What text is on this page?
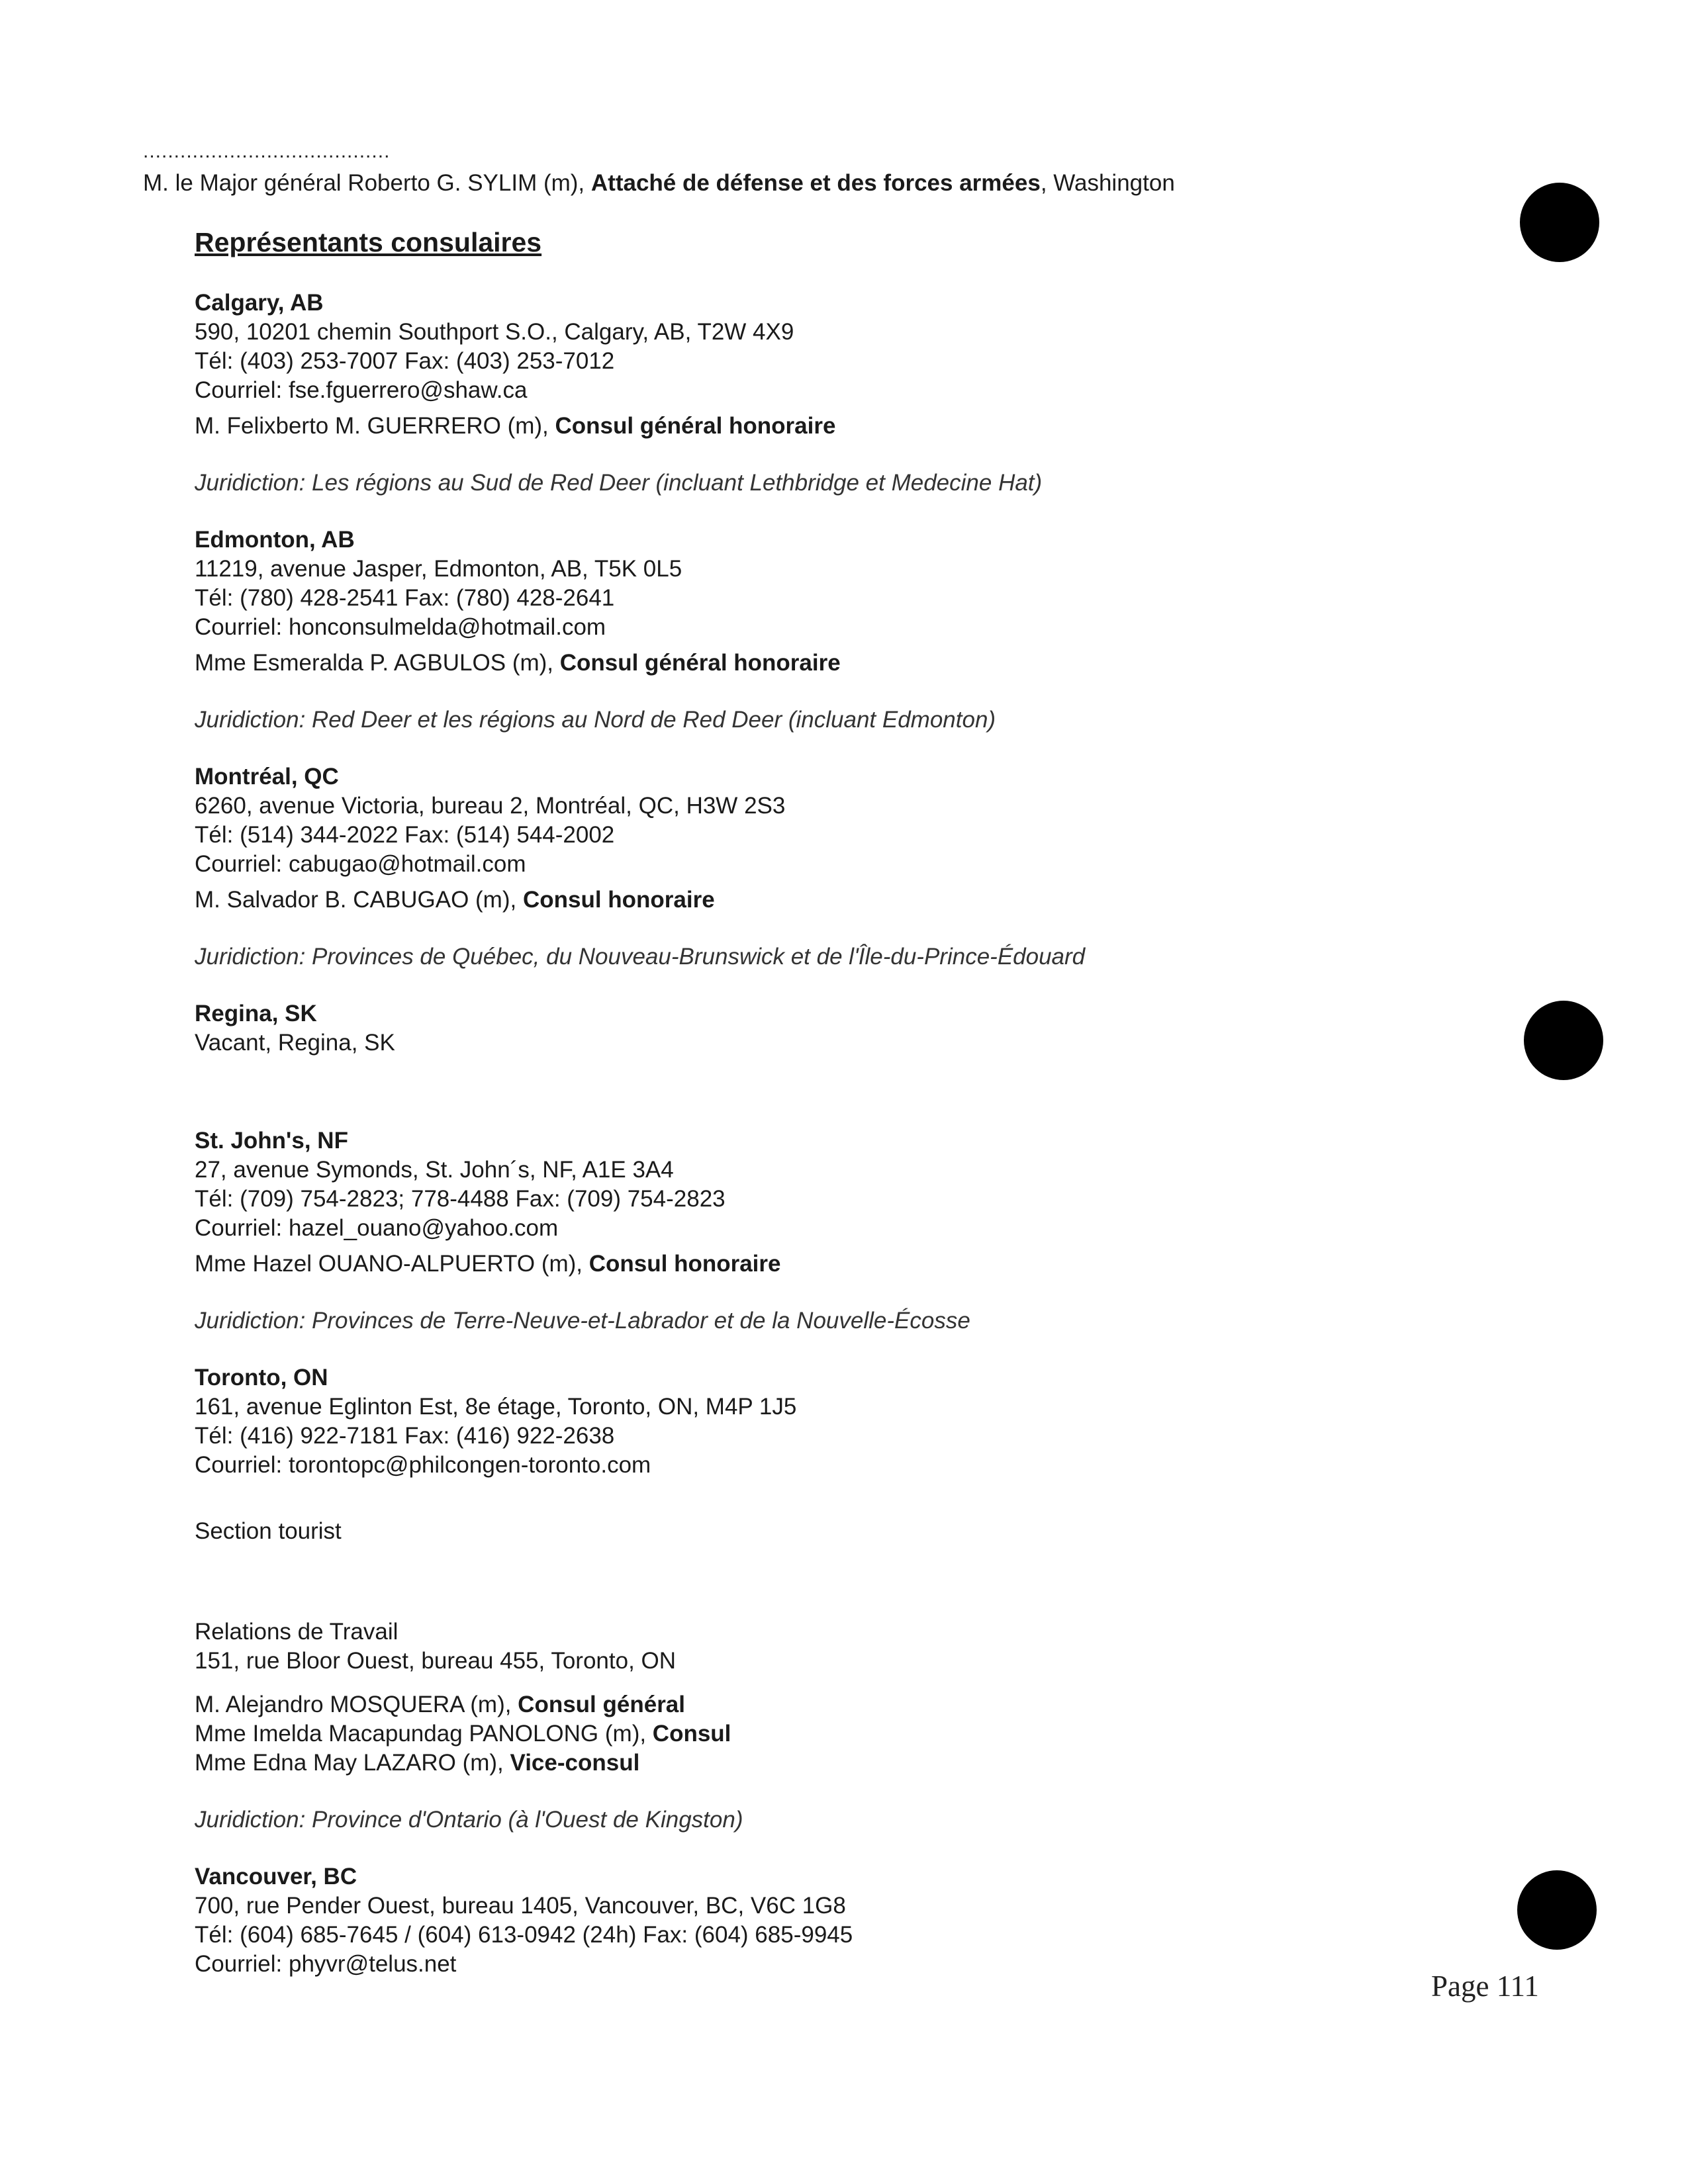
........................................
M. le Major général Roberto G. SYLIM (m), Attaché de défense et des forces armées, Washington
Représentants consulaires
Calgary, AB
590, 10201 chemin Southport S.O., Calgary, AB, T2W 4X9
Tél: (403) 253-7007 Fax: (403) 253-7012
Courriel: fse.fguerrero@shaw.ca
M. Felixberto M. GUERRERO (m), Consul général honoraire
Juridiction: Les régions au Sud de Red Deer (incluant Lethbridge et Medecine Hat)
Edmonton, AB
11219, avenue Jasper, Edmonton, AB, T5K 0L5
Tél: (780) 428-2541 Fax: (780) 428-2641
Courriel: honconsulmelda@hotmail.com
Mme Esmeralda P. AGBULOS (m), Consul général honoraire
Juridiction: Red Deer et les régions au Nord de Red Deer (incluant Edmonton)
Montréal, QC
6260, avenue Victoria, bureau 2, Montréal, QC, H3W 2S3
Tél: (514) 344-2022 Fax: (514) 544-2002
Courriel: cabugao@hotmail.com
M. Salvador B. CABUGAO (m), Consul honoraire
Juridiction: Provinces de Québec, du Nouveau-Brunswick et de l'Île-du-Prince-Édouard
Regina, SK
Vacant, Regina, SK
St. John's, NF
27, avenue Symonds, St. John´s, NF, A1E 3A4
Tél: (709) 754-2823; 778-4488 Fax: (709) 754-2823
Courriel: hazel_ouano@yahoo.com
Mme Hazel OUANO-ALPUERTO (m), Consul honoraire
Juridiction: Provinces de Terre-Neuve-et-Labrador et de la Nouvelle-Écosse
Toronto, ON
161, avenue Eglinton Est, 8e étage, Toronto, ON, M4P 1J5
Tél: (416) 922-7181 Fax: (416) 922-2638
Courriel: torontopc@philcongen-toronto.com
Section tourist
Relations de Travail
151, rue Bloor Ouest, bureau 455, Toronto, ON
M. Alejandro MOSQUERA (m), Consul général
Mme Imelda Macapundag PANOLONG (m), Consul
Mme Edna May LAZARO (m), Vice-consul
Juridiction: Province d'Ontario (à l'Ouest de Kingston)
Vancouver, BC
700, rue Pender Ouest, bureau 1405, Vancouver, BC, V6C 1G8
Tél: (604) 685-7645 / (604) 613-0942 (24h) Fax: (604) 685-9945
Courriel: phyvr@telus.net
Page 111
